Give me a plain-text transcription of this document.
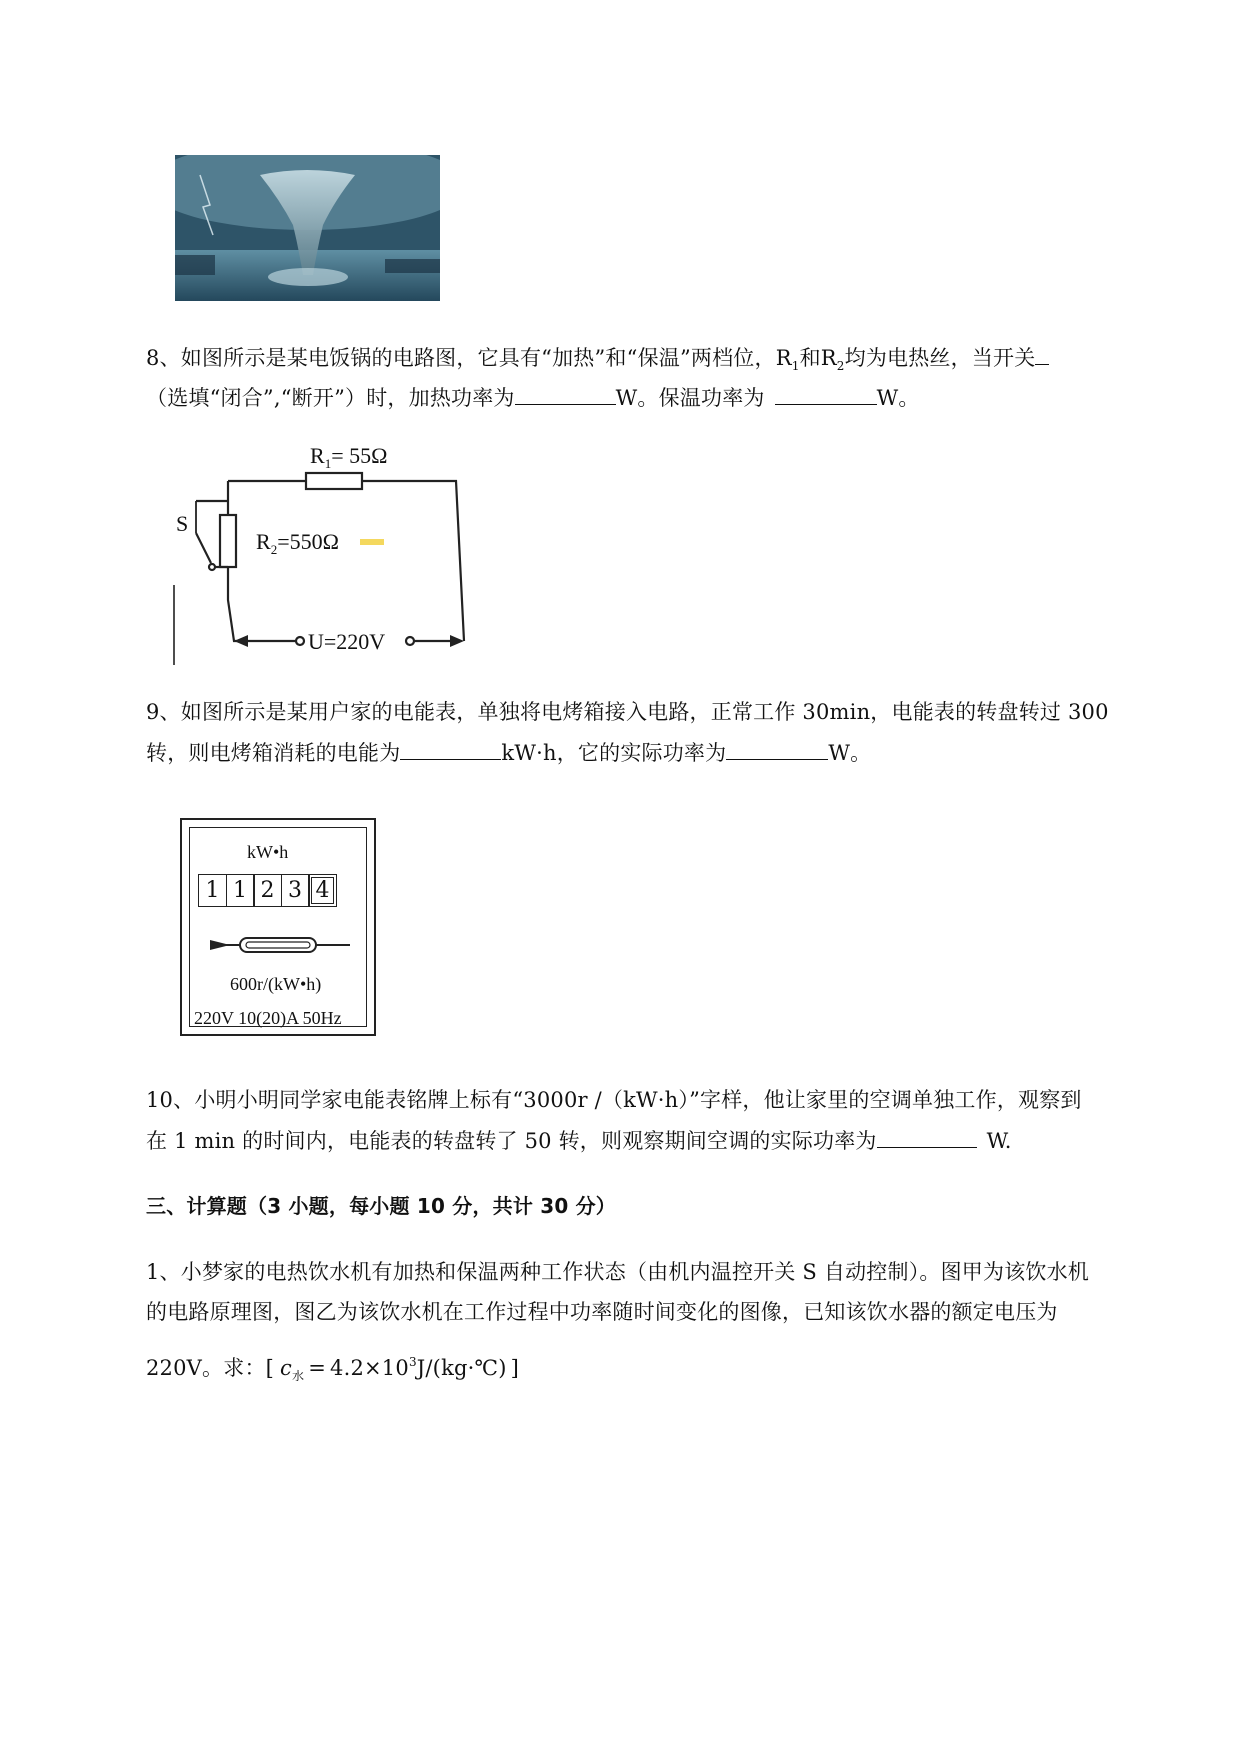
8、如图所示是某电饭锅的电路图，它具有“加热”和“保温”两档位，$R_1$和$R_2$均为电热丝，当开关
（选填“闭合”,“断开”）时，加热功率为	W。保温功率为	W。
$R_1= 55\Omega$
$R_2=550\Omega$
S
U=220V
9、如图所示是某用户家的电能表，单独将电烤箱接入电路，正常工作 30min，电能表的转盘转过 300
转，则电烤箱消耗的电能为	kW·h，它的实际功率为	W。
kW•h
1 1 2 3 4
600r/(kW•h)
220V 10(20)A 50Hz
10、小明小明同学家电能表铭牌上标有“3000r /（kW·h）”字样，他让家里的空调单独工作，观察到
在 1 min 的时间内，电能表的转盘转了 50 转，则观察期间空调的实际功率为	W.
三、计算题（3 小题，每小题 10 分，共计 30 分）
1、小梦家的电热饮水机有加热和保温两种工作状态（由机内温控开关 S 自动控制）。图甲为该饮水机
的电路原理图，图乙为该饮水机在工作过程中功率随时间变化的图像，已知该饮水器的额定电压为
220V。求：[ $c_水$ = $4.2\times 10^3J/(kg\cdot℃)$ ]
